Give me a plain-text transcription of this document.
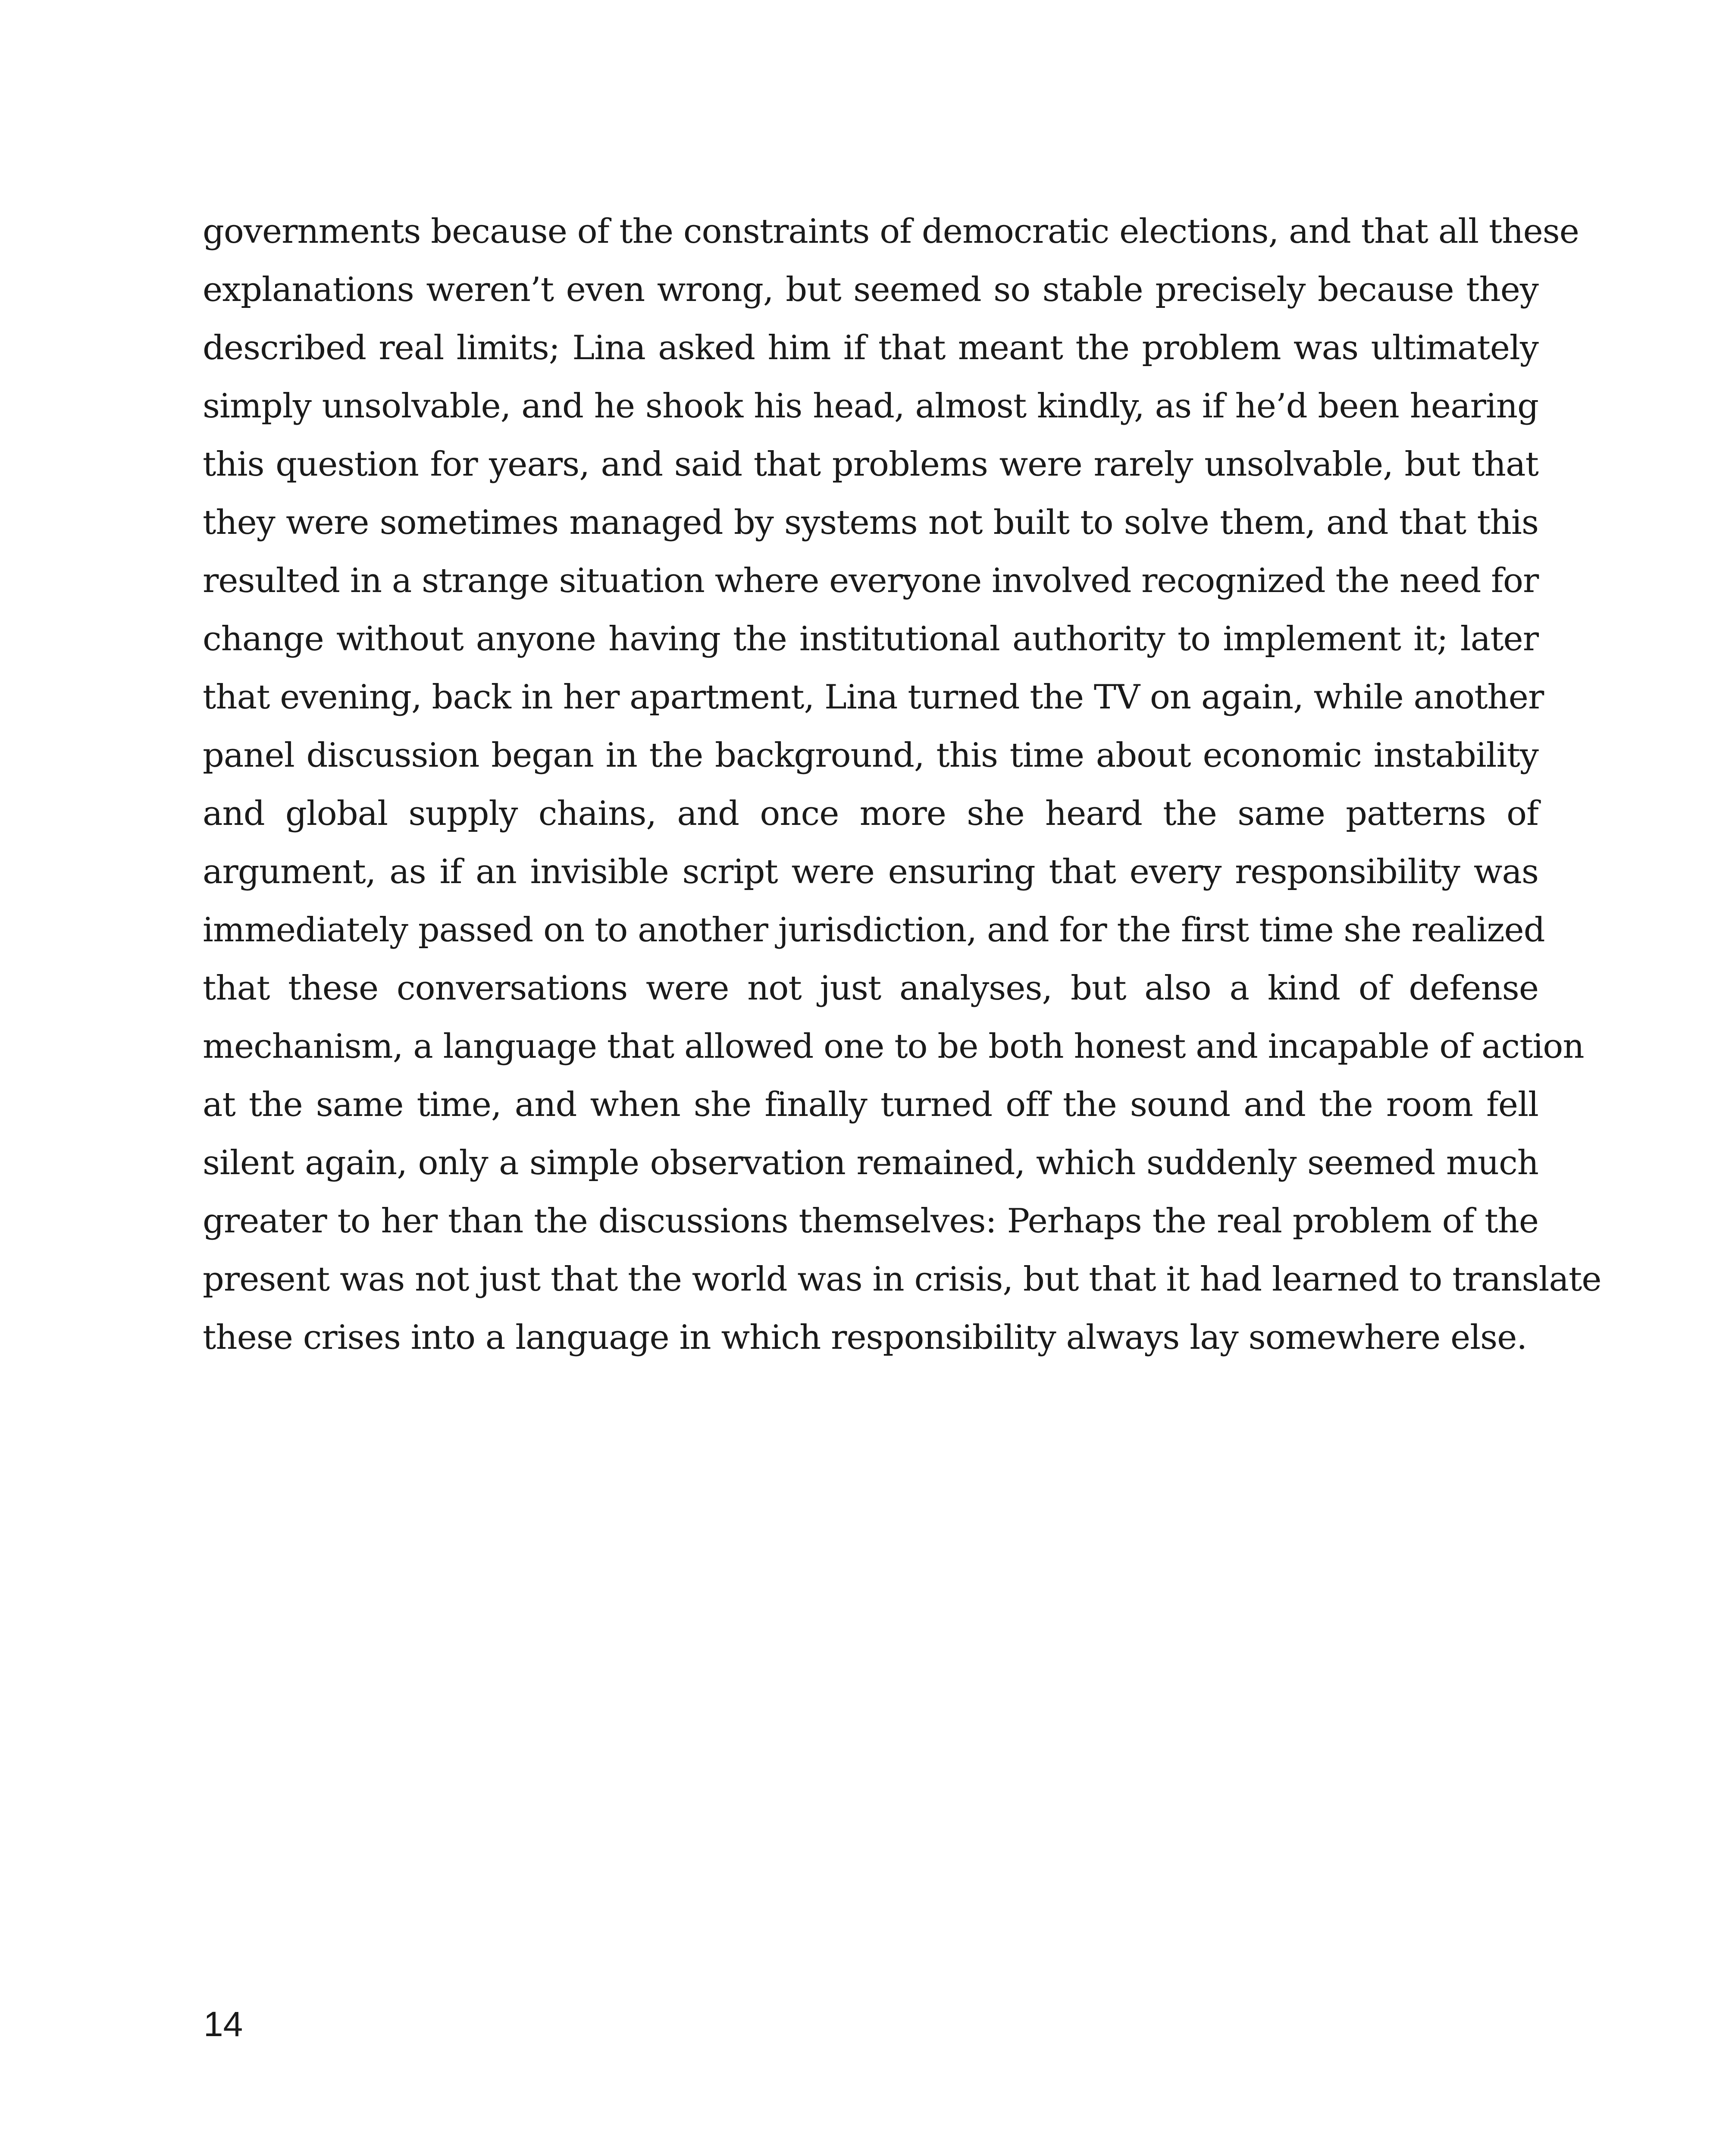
governments because of the constraints of democratic elections, and that all these
explanations weren’t even wrong, but seemed so stable precisely because they
described real limits; Lina asked him if that meant the problem was ultimately
simply unsolvable, and he shook his head, almost kindly, as if he’d been hearing
this question for years, and said that problems were rarely unsolvable, but that
they were sometimes managed by systems not built to solve them, and that this
resulted in a strange situation where everyone involved recognized the need for
change without anyone having the institutional authority to implement it; later
that evening, back in her apartment, Lina turned the TV on again, while another
panel discussion began in the background, this time about economic instability
and global supply chains, and once more she heard the same patterns of
argument, as if an invisible script were ensuring that every responsibility was
immediately passed on to another jurisdiction, and for the first time she realized
that these conversations were not just analyses, but also a kind of defense
mechanism, a language that allowed one to be both honest and incapable of action
at the same time, and when she finally turned off the sound and the room fell
silent again, only a simple observation remained, which suddenly seemed much
greater to her than the discussions themselves: Perhaps the real problem of the
present was not just that the world was in crisis, but that it had learned to translate
these crises into a language in which responsibility always lay somewhere else.
14
